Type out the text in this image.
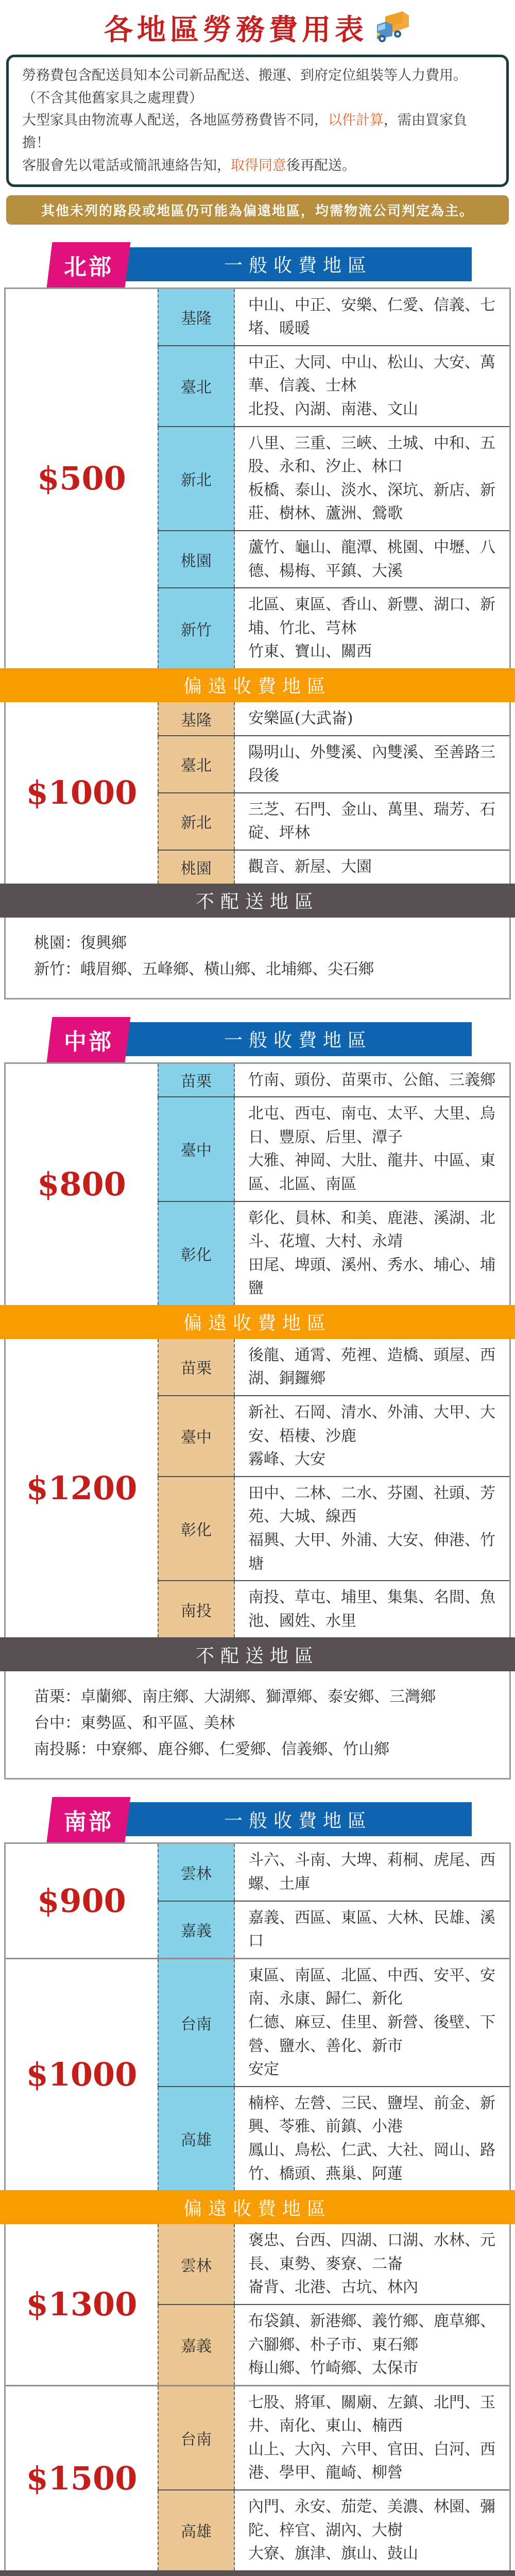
各地區勞務費用表
勞務費包含配送員知本公司新品配送、搬運、到府定位組裝等人力費用。
（不含其他舊家具之處理費）
大型家具由物流專人配送，各地區勞務費皆不同，以件計算，需由買家負擔！
客服會先以電話或簡訊連絡告知，取得同意後再配送。
其他未列的路段或地區仍可能為偏遠地區，均需物流公司判定為主。
一般收費地區
北部
$500
基隆
中山、中正、安樂、仁愛、信義、七堵、暖暖
臺北
中正、大同、中山、松山、大安、萬華、信義、士林
北投、內湖、南港、文山
新北
八里、三重、三峽、土城、中和、五股、永和、汐止、林口
板橋、泰山、淡水、深坑、新店、新莊、樹林、蘆洲、鶯歌
桃園
蘆竹、龜山、龍潭、桃園、中壢、八德、楊梅、平鎮、大溪
新竹
北區、東區、香山、新豐、湖口、新埔、竹北、芎林
竹東、寶山、關西
偏遠收費地區
$1000
基隆	安樂區(大武崙)
臺北
陽明山、外雙溪、內雙溪、至善路三段後
新北
三芝、石門、金山、萬里、瑞芳、石碇、坪林
桃園	觀音、新屋、大園
不配送地區
桃園：復興鄉
新竹：峨眉鄉、五峰鄉、橫山鄉、北埔鄉、尖石鄉
一般收費地區
中部
$800
苗栗	竹南、頭份、苗栗市、公館、三義鄉
臺中
北屯、西屯、南屯、太平、大里、烏日、豐原、后里、潭子
大雅、神岡、大肚、龍井、中區、東區、北區、南區
彰化
彰化、員林、和美、鹿港、溪湖、北斗、花壇、大村、永靖
田尾、埤頭、溪州、秀水、埔心、埔鹽
偏遠收費地區
$1200
苗栗
後龍、通霄、苑裡、造橋、頭屋、西湖、銅鑼鄉
臺中
新社、石岡、清水、外浦、大甲、大安、梧棲、沙鹿
霧峰、大安
彰化
田中、二林、二水、芬園、社頭、芳苑、大城、線西
福興、大甲、外浦、大安、伸港、竹塘
南投
南投、草屯、埔里、集集、名間、魚池、國姓、水里
不配送地區
苗栗：卓蘭鄉、南庄鄉、大湖鄉、獅潭鄉、泰安鄉、三灣鄉
台中：東勢區、和平區、美林
南投縣：中寮鄉、鹿谷鄉、仁愛鄉、信義鄉、竹山鄉
一般收費地區
南部
$900
雲林
斗六、斗南、大埤、莉桐、虎尾、西螺、土庫
嘉義
嘉義、西區、東區、大林、民雄、溪口
$1000
台南
東區、南區、北區、中西、安平、安南、永康、歸仁、新化
仁德、麻豆、佳里、新營、後壁、下營、鹽水、善化、新市
安定
高雄
楠梓、左營、三民、鹽埕、前金、新興、苓雅、前鎮、小港
鳳山、鳥松、仁武、大社、岡山、路竹、橋頭、燕巢、阿蓮
偏遠收費地區
$1300
雲林
褒忠、台西、四湖、口湖、水林、元長、東勢、麥寮、二崙
崙背、北港、古坑、林內
嘉義
布袋鎮、新港鄉、義竹鄉、鹿草鄉、六腳鄉、朴子市、東石鄉
梅山鄉、竹崎鄉、太保市
$1500
台南
七股、將軍、關廟、左鎮、北門、玉井、南化、東山、楠西
山上、大內、六甲、官田、白河、西港、學甲、龍崎、柳營
高雄
內門、永安、茄萣、美濃、林園、彌陀、梓官、湖內、大樹
大寮、旗津、旗山、鼓山
